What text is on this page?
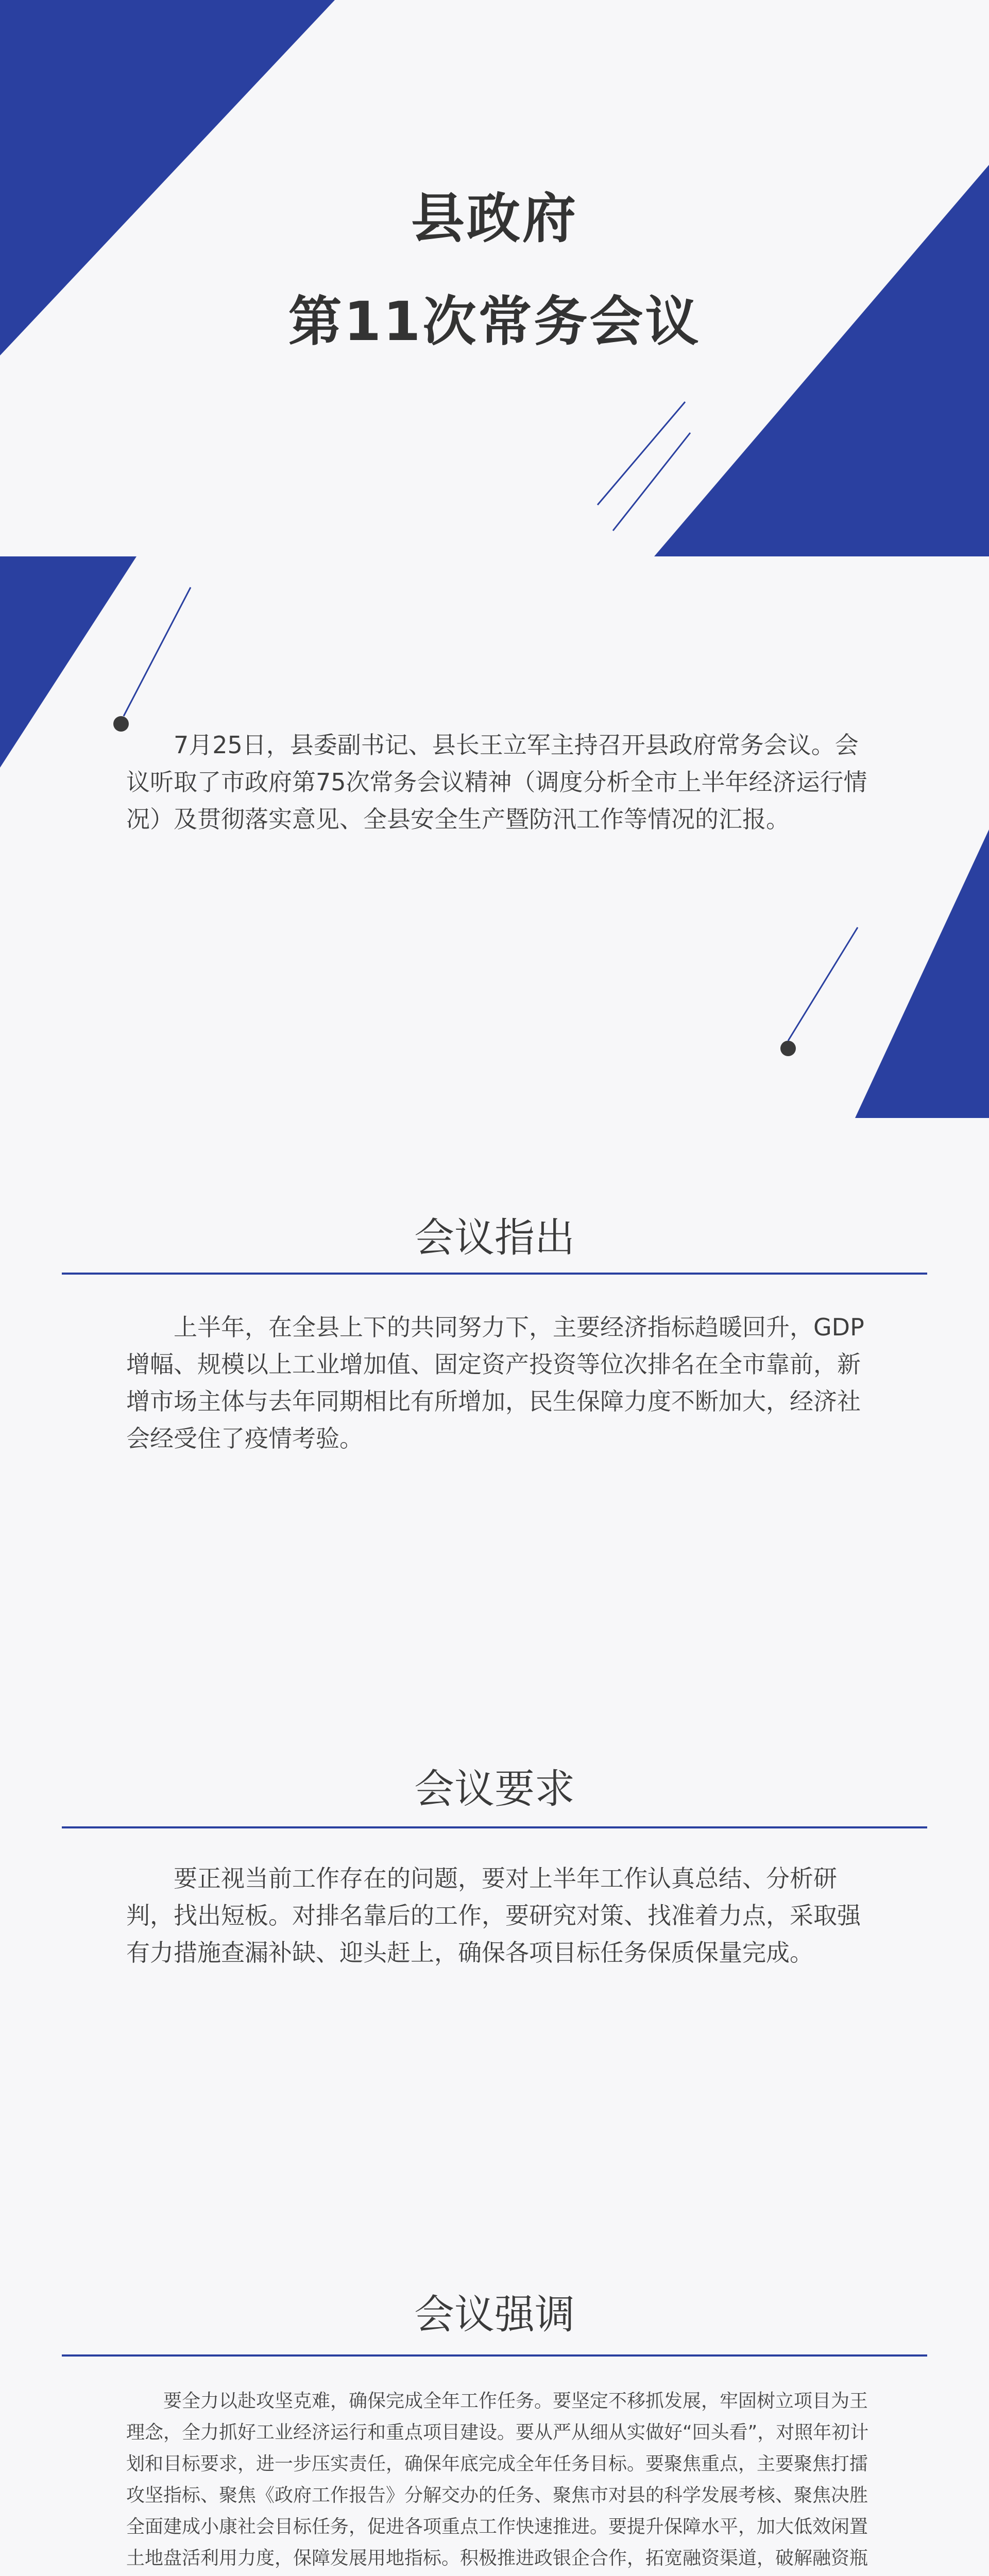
县政府
第11次常务会议
7月25日，县委副书记、县长王立军主持召开县政府常务会议。会议听取了市政府第75次常务会议精神（调度分析全市上半年经济运行情况）及贯彻落实意见、全县安全生产暨防汛工作等情况的汇报。
会议指出
上半年，在全县上下的共同努力下，主要经济指标趋暖回升，GDP增幅、规模以上工业增加值、固定资产投资等位次排名在全市靠前，新增市场主体与去年同期相比有所增加，民生保障力度不断加大，经济社会经受住了疫情考验。
会议要求
要正视当前工作存在的问题，要对上半年工作认真总结、分析研判，找出短板。对排名靠后的工作，要研究对策、找准着力点，采取强有力措施查漏补缺、迎头赶上，确保各项目标任务保质保量完成。
会议强调
要全力以赴攻坚克难，确保完成全年工作任务。要坚定不移抓发展，牢固树立项目为王理念，全力抓好工业经济运行和重点项目建设。要从严从细从实做好“回头看”，对照年初计划和目标要求，进一步压实责任，确保年底完成全年任务目标。要聚焦重点，主要聚焦打擂攻坚指标、聚焦《政府工作报告》分解交办的任务、聚焦市对县的科学发展考核、聚焦决胜全面建成小康社会目标任务，促进各项重点工作快速推进。要提升保障水平，加大低效闲置土地盘活利用力度，保障发展用地指标。积极推进政银企合作，拓宽融资渠道，破解融资瓶
